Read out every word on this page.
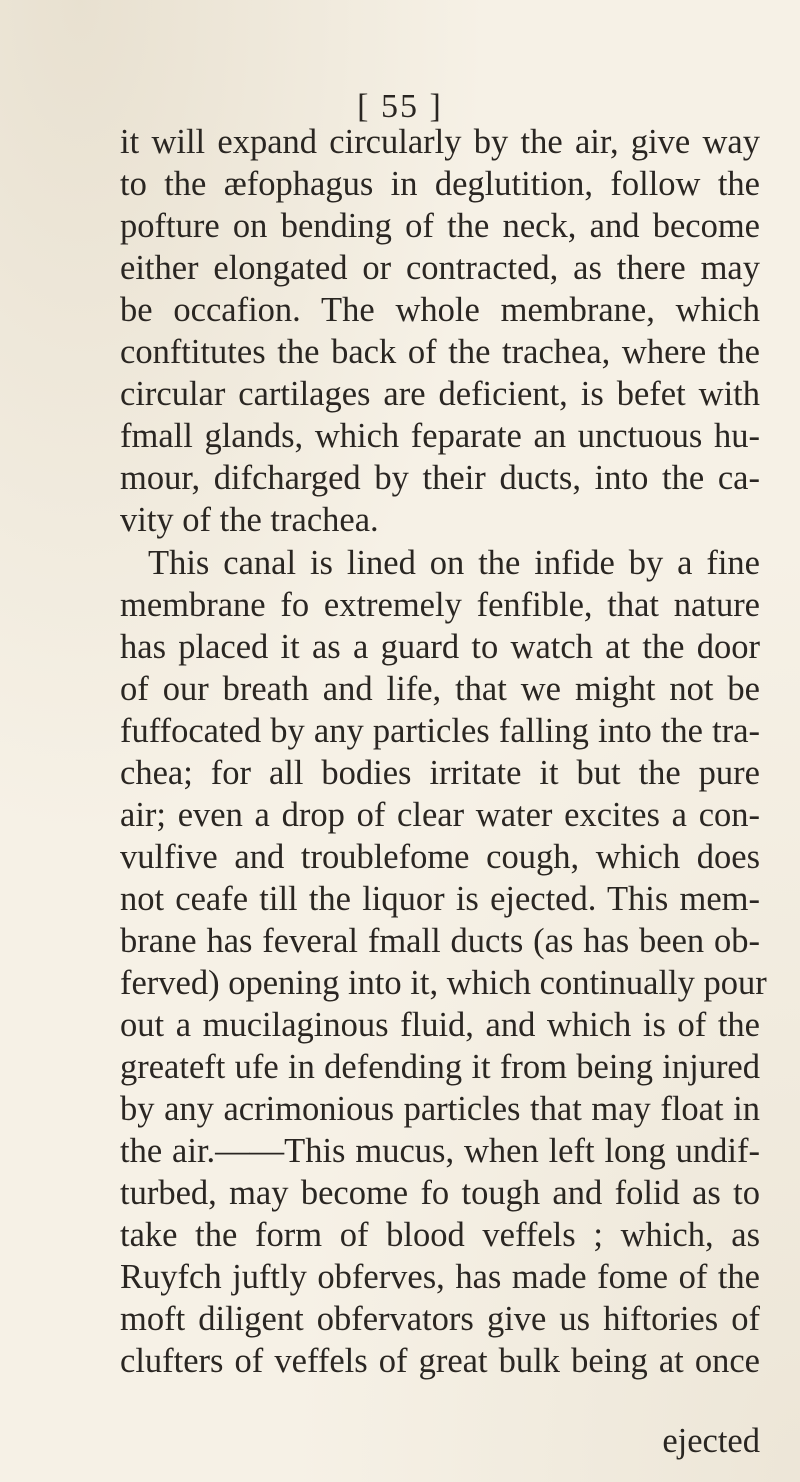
[ 55 ]
it will expand circularly by the air, give way
to the æfophagus in deglutition, follow the
pofture on bending of the neck, and become
either elongated or contracted, as there may
be occafion. The whole membrane, which
conftitutes the back of the trachea, where the
circular cartilages are deficient, is befet with
fmall glands, which feparate an unctuous hu-
mour, difcharged by their ducts, into the ca-
vity of the trachea.
This canal is lined on the infide by a fine
membrane fo extremely fenfible, that nature
has placed it as a guard to watch at the door
of our breath and life, that we might not be
fuffocated by any particles falling into the tra-
chea; for all bodies irritate it but the pure
air; even a drop of clear water excites a con-
vulfive and troublefome cough, which does
not ceafe till the liquor is ejected. This mem-
brane has feveral fmall ducts (as has been ob-
ferved) opening into it, which continually pour
out a mucilaginous fluid, and which is of the
greateft ufe in defending it from being injured
by any acrimonious particles that may float in
the air.——This mucus, when left long undif-
turbed, may become fo tough and folid as to
take the form of blood veffels ; which, as
Ruyfch juftly obferves, has made fome of the
moft diligent obfervators give us hiftories of
clufters of veffels of great bulk being at once
ejected
